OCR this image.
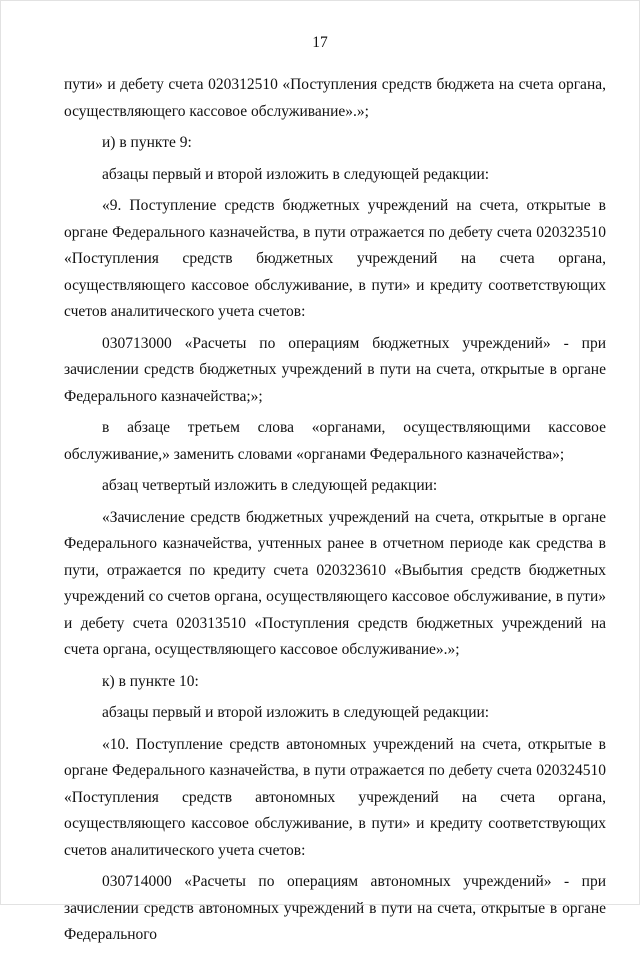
17

пути» и дебету счета 020312510 «Поступления средств бюджета на счета органа, осуществляющего кассовое обслуживание».»;

и) в пункте 9:

абзацы первый и второй изложить в следующей редакции:

«9. Поступление средств бюджетных учреждений на счета, открытые в органе Федерального казначейства, в пути отражается по дебету счета 020323510 «Поступления средств бюджетных учреждений на счета органа, осуществляющего кассовое обслуживание, в пути» и кредиту соответствующих счетов аналитического учета счетов:

030713000 «Расчеты по операциям бюджетных учреждений» - при зачислении средств бюджетных учреждений в пути на счета, открытые в органе Федерального казначейства;»;

в абзаце третьем слова «органами, осуществляющими кассовое обслуживание,» заменить словами «органами Федерального казначейства»;

абзац четвертый изложить в следующей редакции:

«Зачисление средств бюджетных учреждений на счета, открытые в органе Федерального казначейства, учтенных ранее в отчетном периоде как средства в пути, отражается по кредиту счета 020323610 «Выбытия средств бюджетных учреждений со счетов органа, осуществляющего кассовое обслуживание, в пути» и дебету счета 020313510 «Поступления средств бюджетных учреждений на счета органа, осуществляющего кассовое обслуживание».»;

к) в пункте 10:

абзацы первый и второй изложить в следующей редакции:

«10. Поступление средств автономных учреждений на счета, открытые в органе Федерального казначейства, в пути отражается по дебету счета 020324510 «Поступления средств автономных учреждений на счета органа, осуществляющего кассовое обслуживание, в пути» и кредиту соответствующих счетов аналитического учета счетов:

030714000 «Расчеты по операциям автономных учреждений» - при зачислении средств автономных учреждений в пути на счета, открытые в органе Федерального
